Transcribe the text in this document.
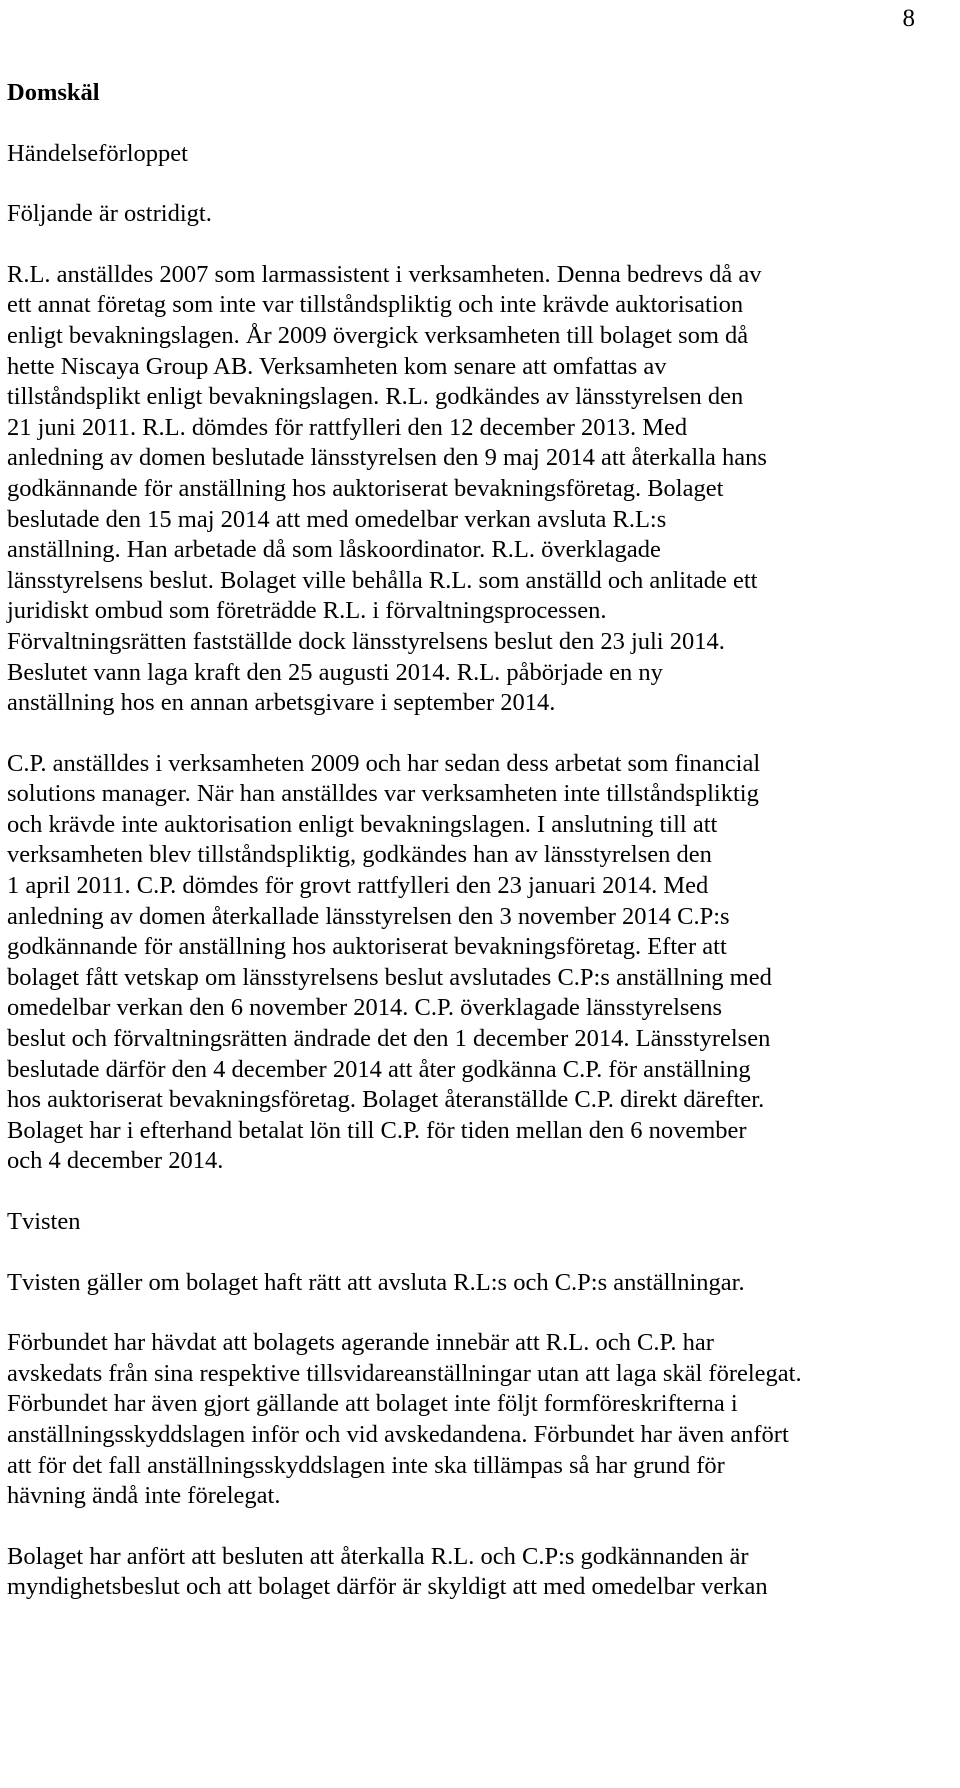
8
Domskäl
Händelseförloppet
Följande är ostridigt.
R.L. anställdes 2007 som larmassistent i verksamheten. Denna bedrevs då av
ett annat företag som inte var tillståndspliktig och inte krävde auktorisation
enligt bevakningslagen. År 2009 övergick verksamheten till bolaget som då
hette Niscaya Group AB. Verksamheten kom senare att omfattas av
tillståndsplikt enligt bevakningslagen. R.L. godkändes av länsstyrelsen den
21 juni 2011. R.L. dömdes för rattfylleri den 12 december 2013. Med
anledning av domen beslutade länsstyrelsen den 9 maj 2014 att återkalla hans
godkännande för anställning hos auktoriserat bevakningsföretag. Bolaget
beslutade den 15 maj 2014 att med omedelbar verkan avsluta R.L:s
anställning. Han arbetade då som låskoordinator. R.L. överklagade
länsstyrelsens beslut. Bolaget ville behålla R.L. som anställd och anlitade ett
juridiskt ombud som företrädde R.L. i förvaltningsprocessen.
Förvaltningsrätten fastställde dock länsstyrelsens beslut den 23 juli 2014.
Beslutet vann laga kraft den 25 augusti 2014. R.L. påbörjade en ny
anställning hos en annan arbetsgivare i september 2014.
C.P. anställdes i verksamheten 2009 och har sedan dess arbetat som financial
solutions manager. När han anställdes var verksamheten inte tillståndspliktig
och krävde inte auktorisation enligt bevakningslagen. I anslutning till att
verksamheten blev tillståndspliktig, godkändes han av länsstyrelsen den
1 april 2011. C.P. dömdes för grovt rattfylleri den 23 januari 2014. Med
anledning av domen återkallade länsstyrelsen den 3 november 2014 C.P:s
godkännande för anställning hos auktoriserat bevakningsföretag. Efter att
bolaget fått vetskap om länsstyrelsens beslut avslutades C.P:s anställning med
omedelbar verkan den 6 november 2014. C.P. överklagade länsstyrelsens
beslut och förvaltningsrätten ändrade det den 1 december 2014. Länsstyrelsen
beslutade därför den 4 december 2014 att åter godkänna C.P. för anställning
hos auktoriserat bevakningsföretag. Bolaget återanställde C.P. direkt därefter.
Bolaget har i efterhand betalat lön till C.P. för tiden mellan den 6 november
och 4 december 2014.
Tvisten
Tvisten gäller om bolaget haft rätt att avsluta R.L:s och C.P:s anställningar.
Förbundet har hävdat att bolagets agerande innebär att R.L. och C.P. har
avskedats från sina respektive tillsvidareanställningar utan att laga skäl förelegat.
Förbundet har även gjort gällande att bolaget inte följt formföreskrifterna i
anställningsskyddslagen inför och vid avskedandena. Förbundet har även anfört
att för det fall anställningsskyddslagen inte ska tillämpas så har grund för
hävning ändå inte förelegat.
Bolaget har anfört att besluten att återkalla R.L. och C.P:s godkännanden är
myndighetsbeslut och att bolaget därför är skyldigt att med omedelbar verkan
